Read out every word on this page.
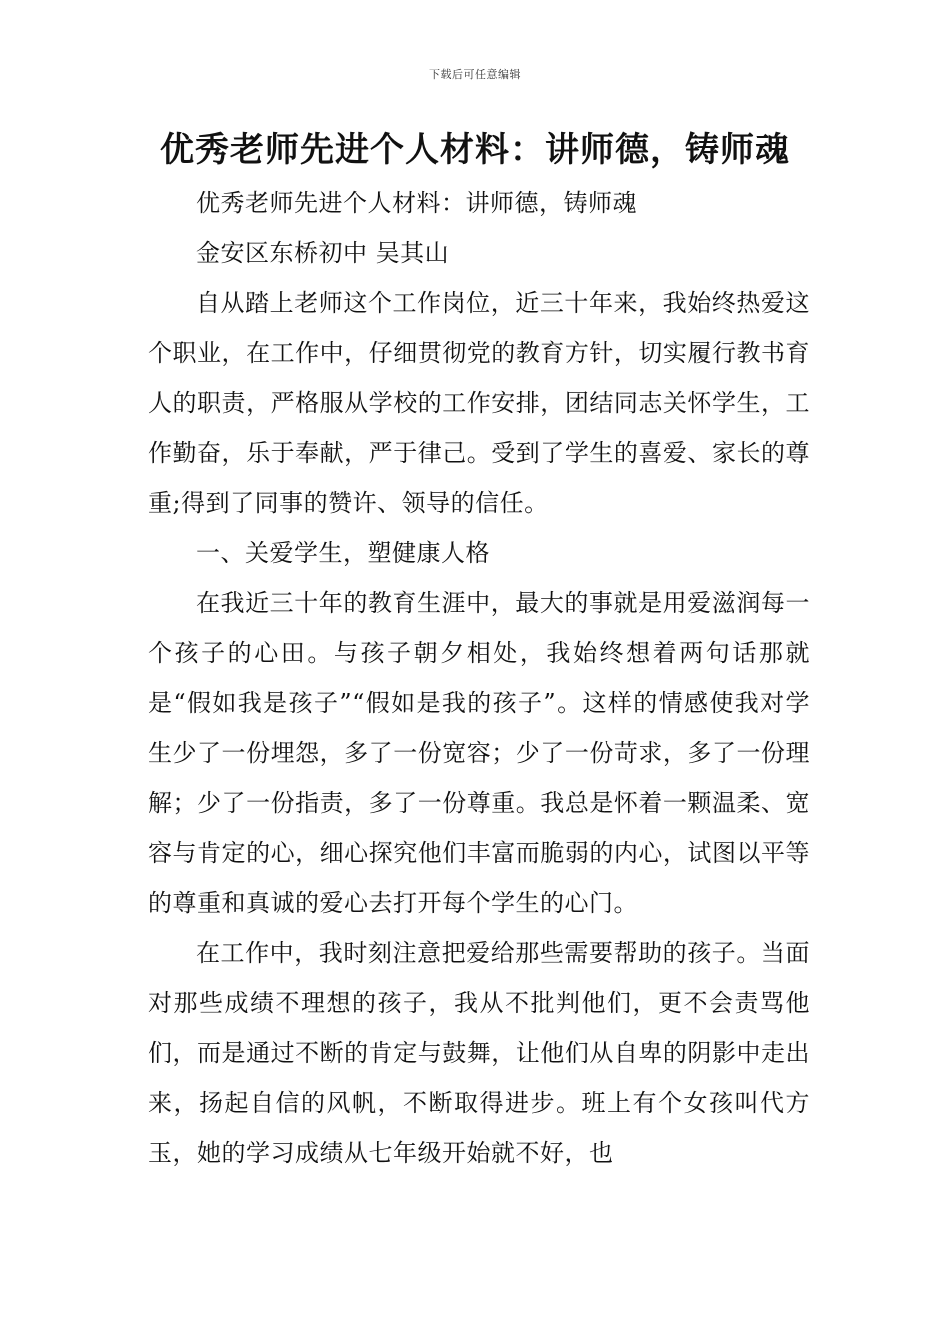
下载后可任意编辑
优秀老师先进个人材料：讲师德，铸师魂

优秀老师先进个人材料：讲师德，铸师魂

金安区东桥初中 吴其山

自从踏上老师这个工作岗位，近三十年来，我始终热爱这个职业，在工作中，仔细贯彻党的教育方针，切实履行教书育人的职责，严格服从学校的工作安排，团结同志关怀学生，工作勤奋，乐于奉献，严于律己。受到了学生的喜爱、家长的尊重;得到了同事的赞许、领导的信任。

一、关爱学生，塑健康人格

在我近三十年的教育生涯中，最大的事就是用爱滋润每一个孩子的心田。与孩子朝夕相处，我始终想着两句话那就是“假如我是孩子”“假如是我的孩子”。这样的情感使我对学生少了一份埋怨，多了一份宽容；少了一份苛求，多了一份理解；少了一份指责，多了一份尊重。我总是怀着一颗温柔、宽容与肯定的心，细心探究他们丰富而脆弱的内心，试图以平等的尊重和真诚的爱心去打开每个学生的心门。

在工作中，我时刻注意把爱给那些需要帮助的孩子。当面对那些成绩不理想的孩子，我从不批判他们，更不会责骂他们，而是通过不断的肯定与鼓舞，让他们从自卑的阴影中走出来，扬起自信的风帆，不断取得进步。班上有个女孩叫代方玉，她的学习成绩从七年级开始就不好，也
